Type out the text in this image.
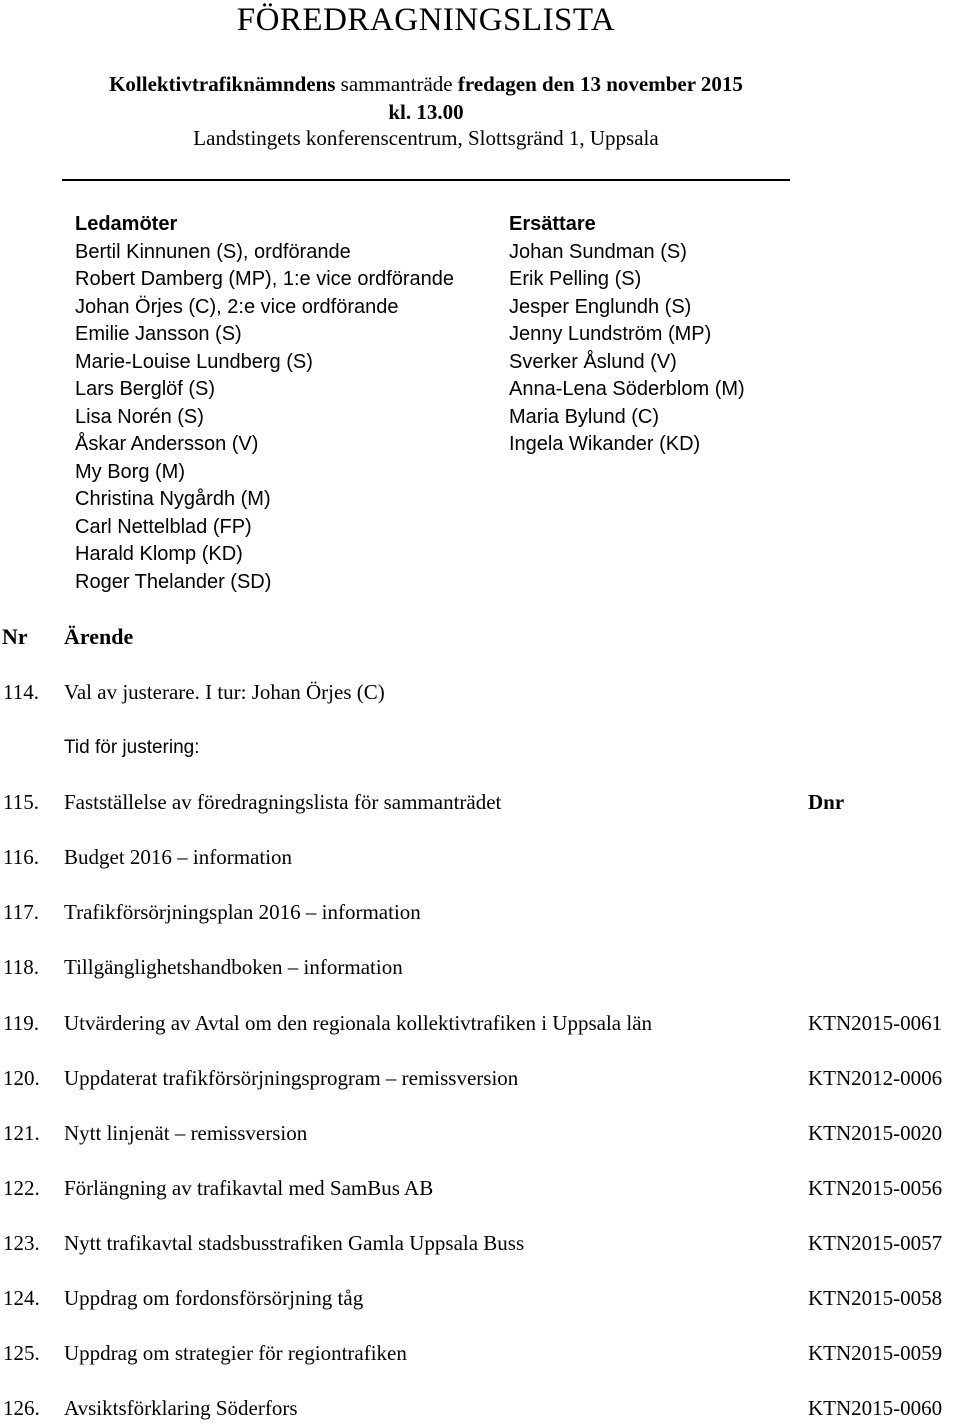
FÖREDRAGNINGSLISTA
Kollektivtrafiknämndens sammanträde fredagen den 13 november 2015
kl. 13.00
Landstingets konferenscentrum, Slottsgränd 1, Uppsala
Ledamöter
Bertil Kinnunen (S), ordförande
Robert Damberg (MP), 1:e vice ordförande
Johan Örjes (C), 2:e vice ordförande
Emilie Jansson (S)
Marie-Louise Lundberg (S)
Lars Berglöf (S)
Lisa Norén (S)
Åskar Andersson (V)
My Borg (M)
Christina Nygårdh (M)
Carl Nettelblad (FP)
Harald Klomp (KD)
Roger Thelander (SD)
Ersättare
Johan Sundman (S)
Erik Pelling (S)
Jesper Englundh (S)
Jenny Lundström (MP)
Sverker Åslund (V)
Anna-Lena Söderblom (M)
Maria Bylund (C)
Ingela Wikander (KD)
Nr Ärende
114. Val av justerare. I tur: Johan Örjes (C)
Tid för justering:
115. Fastställelse av föredragningslista för sammanträdet	Dnr
116. Budget 2016 – information
117. Trafikförsörjningsplan 2016 – information
118. Tillgänglighetshandboken – information
119. Utvärdering av Avtal om den regionala kollektivtrafiken i Uppsala län	KTN2015-0061
120. Uppdaterat trafikförsörjningsprogram – remissversion	KTN2012-0006
121. Nytt linjenät – remissversion	KTN2015-0020
122. Förlängning av trafikavtal med SamBus AB	KTN2015-0056
123. Nytt trafikavtal stadsbusstrafiken Gamla Uppsala Buss	KTN2015-0057
124. Uppdrag om fordonsförsörjning tåg	KTN2015-0058
125. Uppdrag om strategier för regiontrafiken	KTN2015-0059
126. Avsiktsförklaring Söderfors	KTN2015-0060
